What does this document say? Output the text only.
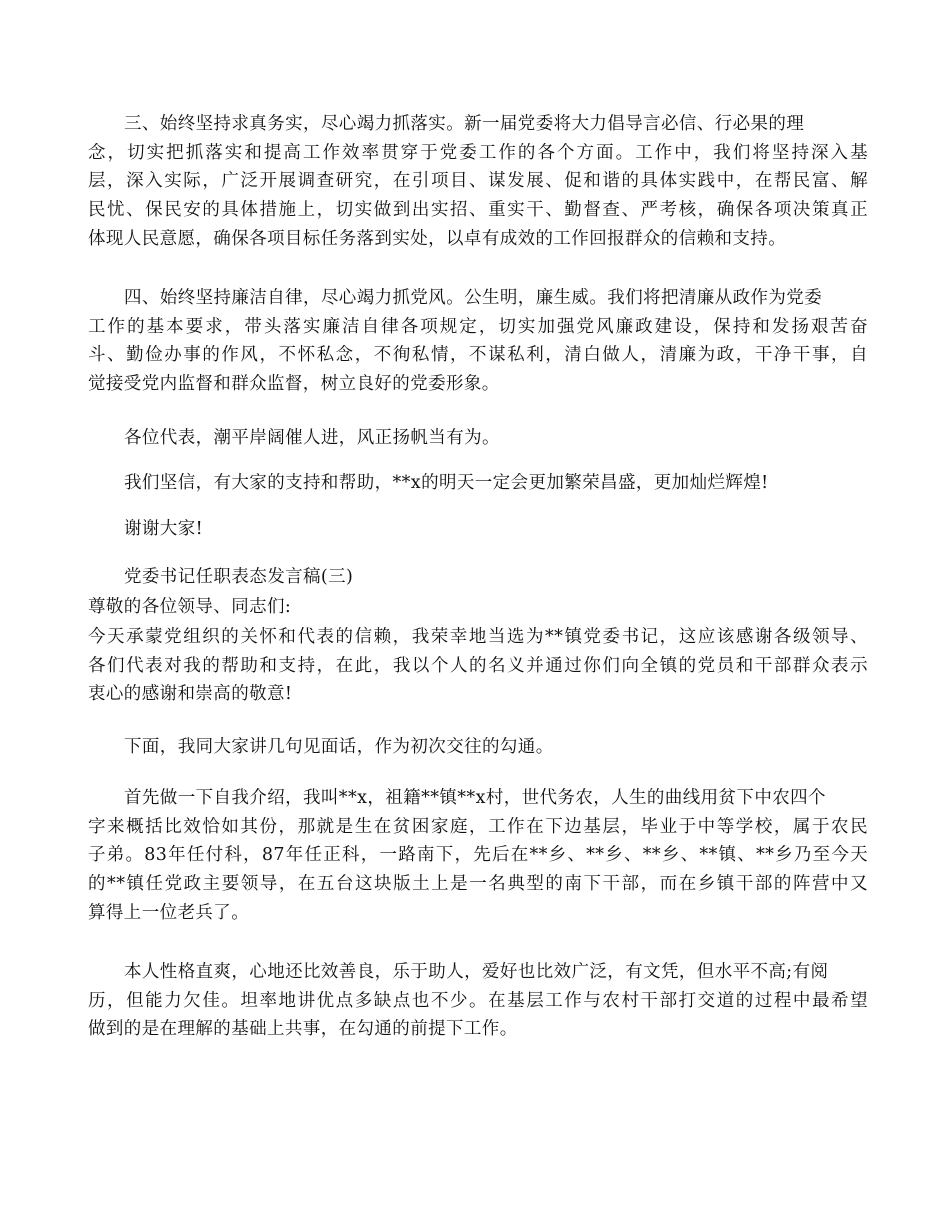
三、始终坚持求真务实，尽心竭力抓落实。新一届党委将大力倡导言必信、行必果的理
念，切实把抓落实和提高工作效率贯穿于党委工作的各个方面。工作中，我们将坚持深入基
层，深入实际，广泛开展调查研究，在引项目、谋发展、促和谐的具体实践中，在帮民富、解
民忧、保民安的具体措施上，切实做到出实招、重实干、勤督查、严考核，确保各项决策真正
体现人民意愿，确保各项目标任务落到实处，以卓有成效的工作回报群众的信赖和支持。
四、始终坚持廉洁自律，尽心竭力抓党风。公生明，廉生威。我们将把清廉从政作为党委
工作的基本要求，带头落实廉洁自律各项规定，切实加强党风廉政建设，保持和发扬艰苦奋
斗、勤俭办事的作风，不怀私念，不徇私情，不谋私利，清白做人，清廉为政，干净干事，自
觉接受党内监督和群众监督，树立良好的党委形象。
各位代表，潮平岸阔催人进，风正扬帆当有为。
我们坚信，有大家的支持和帮助，**x的明天一定会更加繁荣昌盛，更加灿烂辉煌!
谢谢大家!
党委书记任职表态发言稿(三)
尊敬的各位领导、同志们:
今天承蒙党组织的关怀和代表的信赖，我荣幸地当选为**镇党委书记，这应该感谢各级领导、
各们代表对我的帮助和支持，在此，我以个人的名义并通过你们向全镇的党员和干部群众表示
衷心的感谢和崇高的敬意!
下面，我同大家讲几句见面话，作为初次交往的勾通。
首先做一下自我介绍，我叫**x，祖籍**镇**x村，世代务农，人生的曲线用贫下中农四个
字来概括比效恰如其份，那就是生在贫困家庭，工作在下边基层，毕业于中等学校，属于农民
子弟。83年任付科，87年任正科，一路南下，先后在**乡、**乡、**乡、**镇、**乡乃至今天
的**镇任党政主要领导，在五台这块版土上是一名典型的南下干部，而在乡镇干部的阵营中又
算得上一位老兵了。
本人性格直爽，心地还比效善良，乐于助人，爱好也比效广泛，有文凭，但水平不高;有阅
历，但能力欠佳。坦率地讲优点多缺点也不少。在基层工作与农村干部打交道的过程中最希望
做到的是在理解的基础上共事，在勾通的前提下工作。
